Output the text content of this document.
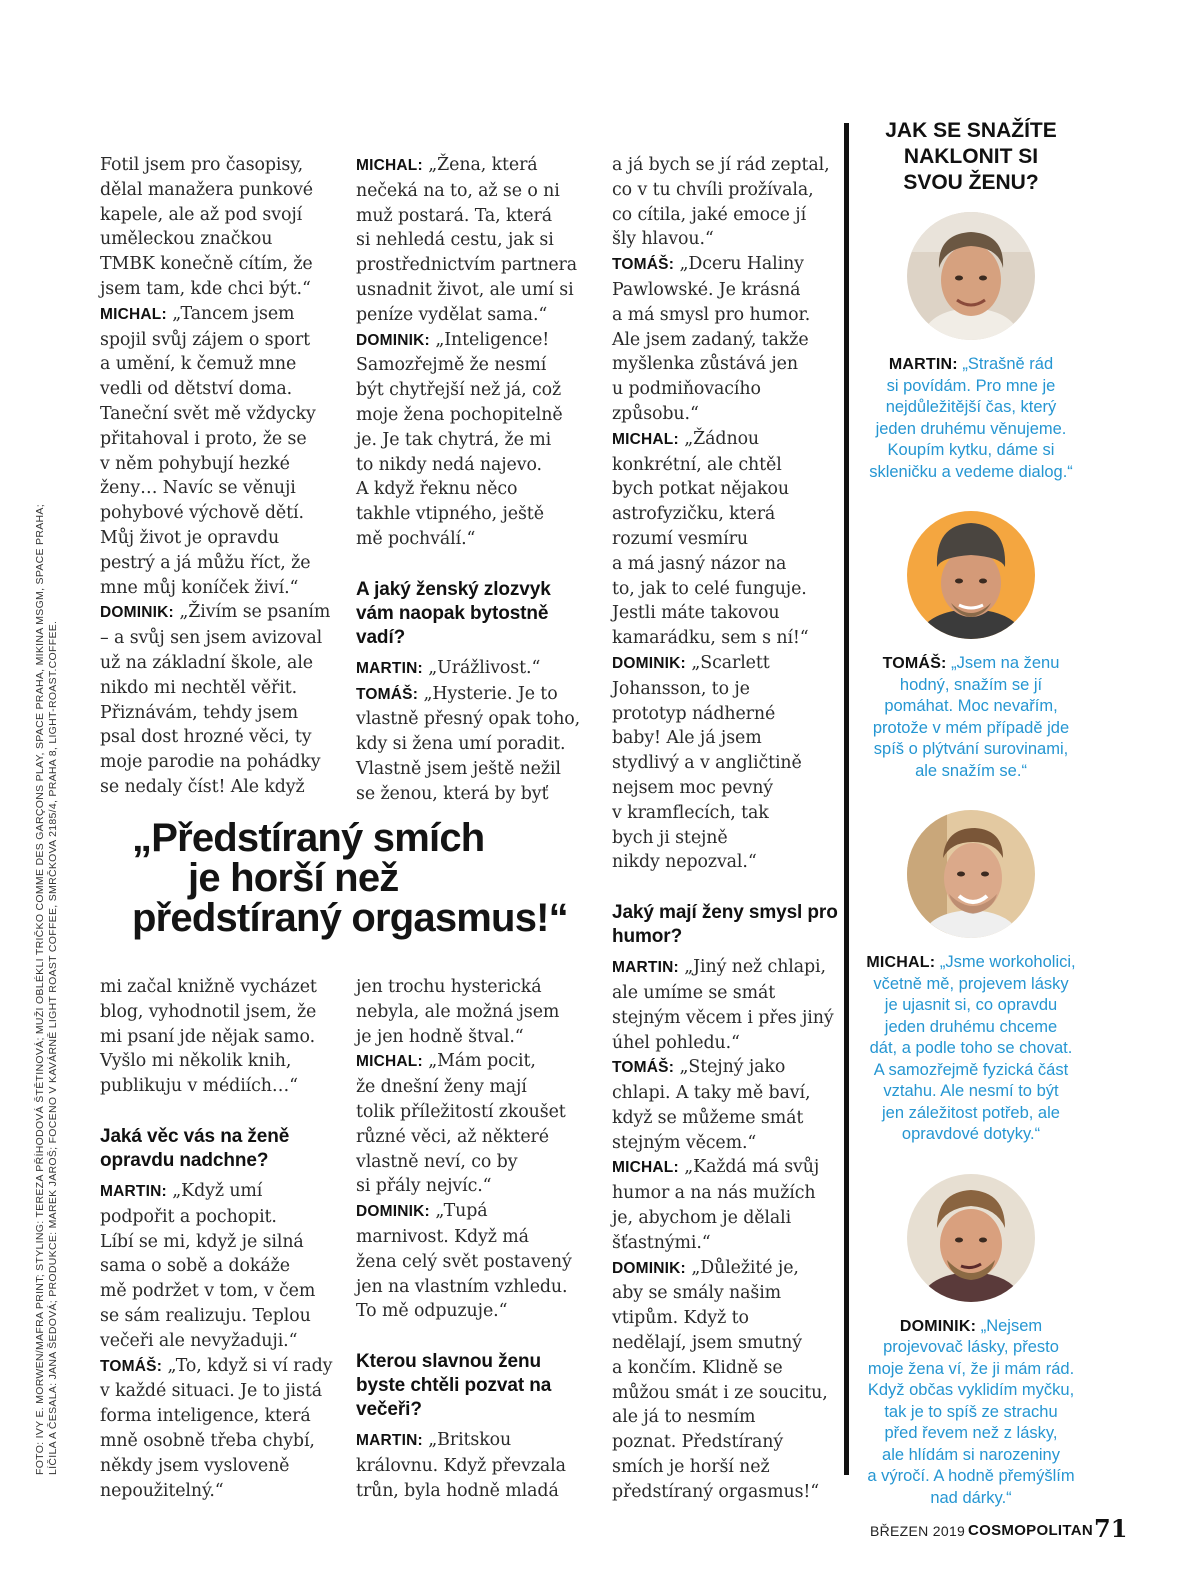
FOTO: IVY E. MORWEN/MAFRA PRINT; STYLING: TEREZA PŘÍHODOVÁ ŠTĚTINOVÁ; MUŽI OBLÉKLI TRIČKO COMME DES GARÇONS PLAY, SPACE PRAHA, MIKINA MSGM, SPACE PRAHA; LÍČILA A ČESALA: JANA ŠEDOVÁ; PRODUKCE: MAREK JAROŠ; FOCENO V KAVÁRNĚ LIGHT ROAST COFFEE, SMRČKOVA 2185/4, PRAHA 8, LIGHT-ROAST.COFFEE.

Fotil jsem pro časopisy,

dělal manažera punkové

kapele, ale až pod svojí

uměleckou značkou

TMBK konečně cítím, že

jsem tam, kde chci být.“

MICHAL: „Tancem jsem

spojil svůj zájem o sport

a umění, k čemuž mne

vedli od dětství doma.

Taneční svět mě vždycky

přitahoval i proto, že se

v něm pohybují hezké

ženy… Navíc se věnuji

pohybové výchově dětí.

Můj život je opravdu

pestrý a já můžu říct, že

mne můj koníček živí.“

DOMINIK: „Živím se psaním

– a svůj sen jsem avizoval

už na základní škole, ale

nikdo mi nechtěl věřit.

Přiznávám, tehdy jsem

psal dost hrozné věci, ty

moje parodie na pohádky

se nedaly číst! Ale když

MICHAL: „Žena, která

nečeká na to, až se o ni

muž postará. Ta, která

si nehledá cestu, jak si

prostřednictvím partnera

usnadnit život, ale umí si

peníze vydělat sama.“

DOMINIK: „Inteligence!

Samozřejmě že nesmí

být chytřejší než já, což

moje žena pochopitelně

je. Je tak chytrá, že mi

to nikdy nedá najevo.

A když řeknu něco

takhle vtipného, ještě

mě pochválí.“

A jaký ženský zlozvyk vám naopak bytostně vadí?

MARTIN: „Urážlivost.“

TOMÁŠ: „Hysterie. Je to

vlastně přesný opak toho,

kdy si žena umí poradit.

Vlastně jsem ještě nežil

se ženou, která by byť

a já bych se jí rád zeptal,

co v tu chvíli prožívala,

co cítila, jaké emoce jí

šly hlavou.“

TOMÁŠ: „Dceru Haliny

Pawlowské. Je krásná

a má smysl pro humor.

Ale jsem zadaný, takže

myšlenka zůstává jen

u podmiňovacího

způsobu.“

MICHAL: „Žádnou

konkrétní, ale chtěl

bych potkat nějakou

astrofyzičku, která

rozumí vesmíru

a má jasný názor na

to, jak to celé funguje.

Jestli máte takovou

kamarádku, sem s ní!“

DOMINIK: „Scarlett

Johansson, to je

prototyp nádherné

baby! Ale já jsem

stydlivý a v angličtině

nejsem moc pevný

v kramflecích, tak

bych ji stejně

nikdy nepozval.“

Jaký mají ženy smysl pro humor?

MARTIN: „Jiný než chlapi,

ale umíme se smát

stejným věcem i přes jiný

úhel pohledu.“

TOMÁŠ: „Stejný jako

chlapi. A taky mě baví,

když se můžeme smát

stejným věcem.“

MICHAL: „Každá má svůj

humor a na nás mužích

je, abychom je dělali

šťastnými.“

DOMINIK: „Důležité je,

aby se smály našim

vtipům. Když to

nedělají, jsem smutný

a končím. Klidně se

můžou smát i ze soucitu,

ale já to nesmím

poznat. Předstíraný

smích je horší než

předstíraný orgasmus!“

„Předstíraný smích
je horší než
předstíraný orgasmus!“

mi začal knižně vycházet

blog, vyhodnotil jsem, že

mi psaní jde nějak samo.

Vyšlo mi několik knih,

publikuju v médiích…“

Jaká věc vás na ženě opravdu nadchne?

MARTIN: „Když umí

podpořit a pochopit.

Líbí se mi, když je silná

sama o sobě a dokáže

mě podržet v tom, v čem

se sám realizuju. Teplou

večeři ale nevyžaduji.“

TOMÁŠ: „To, když si ví rady

v každé situaci. Je to jistá

forma inteligence, která

mně osobně třeba chybí,

někdy jsem vysloveně

nepoužitelný.“

jen trochu hysterická

nebyla, ale možná jsem

je jen hodně štval.“

MICHAL: „Mám pocit,

že dnešní ženy mají

tolik příležitostí zkoušet

různé věci, až některé

vlastně neví, co by

si přály nejvíc.“

DOMINIK: „Tupá

marnivost. Když má

žena celý svět postavený

jen na vlastním vzhledu.

To mě odpuzuje.“

Kterou slavnou ženu byste chtěli pozvat na večeři?

MARTIN: „Britskou

královnu. Když převzala

trůn, byla hodně mladá

JAK SE SNAŽÍTE
NAKLONIT SI
SVOU ŽENU?
MARTIN: „Strašně rád
si povídám. Pro mne je
nejdůležitější čas, který
jeden druhému věnujeme.
Koupím kytku, dáme si
skleničku a vedeme dialog.“
TOMÁŠ: „Jsem na ženu
hodný, snažím se jí
pomáhat. Moc nevařím,
protože v mém případě jde
spíš o plýtvání surovinami,
ale snažím se.“
MICHAL: „Jsme workoholici,
včetně mě, projevem lásky
je ujasnit si, co opravdu
jeden druhému chceme
dát, a podle toho se chovat.
A samozřejmě fyzická část
vztahu. Ale nesmí to být
jen záležitost potřeb, ale
opravdové dotyky.“
DOMINIK: „Nejsem
projevovač lásky, přesto
moje žena ví, že ji mám rád.
Když občas vyklidím myčku,
tak je to spíš ze strachu
před řevem než z lásky,
ale hlídám si narozeniny
a výročí. A hodně přemýšlím
nad dárky.“
BŘEZEN 2019 COSMOPOLITAN 71
